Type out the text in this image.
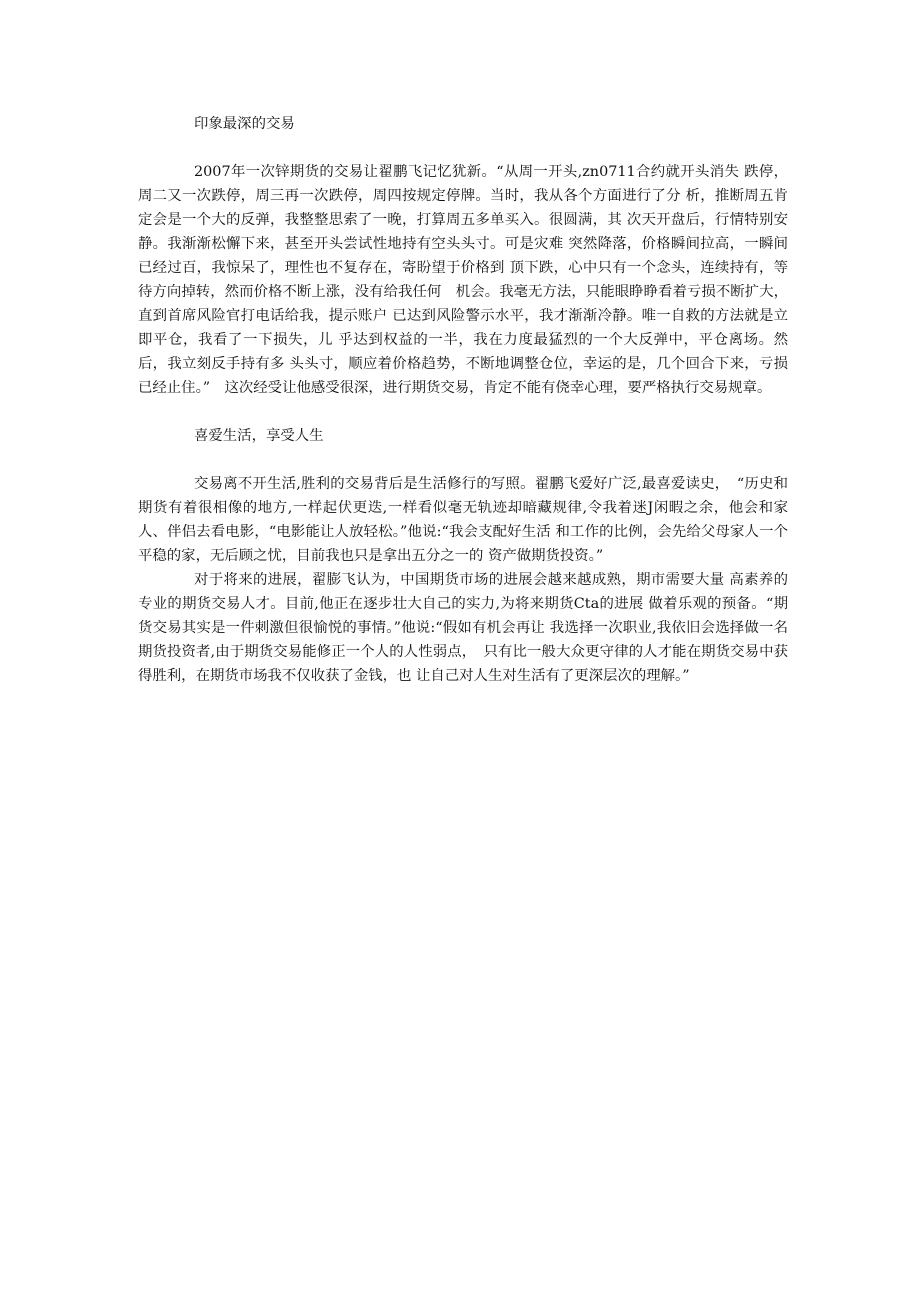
印象最深的交易

2007年一次锌期货的交易让翟鹏飞记忆犹新。“从周一开头,zn0711合约就开头消失 跌停，周二又一次跌停，周三再一次跌停，周四按规定停牌。当时，我从各个方面进行了分 析，推断周五肯定会是一个大的反弹，我整整思索了一晚，打算周五多单买入。很圆满，其 次天开盘后，行情特别安静。我渐渐松懈下来，甚至开头尝试性地持有空头头寸。可是灾难 突然降落，价格瞬间拉高，一瞬间已经过百，我惊呆了，理性也不复存在，寄盼望于价格到 顶下跌，心中只有一个念头，连续持有，等待方向掉转，然而价格不断上涨，没有给我任何　机会。我毫无方法，只能眼睁睁看着亏损不断扩大，直到首席风险官打电话给我，提示账户 已达到风险警示水平，我才渐渐冷静。唯一自救的方法就是立即平仓，我看了一下损失，儿 乎达到权益的一半，我在力度最猛烈的一个大反弹中，平仓离场。然后，我立刻反手持有多 头头寸，顺应着价格趋势，不断地调整仓位，幸运的是，几个回合下来，亏损已经止住。”　这次经受让他感受很深，进行期货交易，肯定不能有侥幸心理，要严格执行交易规章。

喜爱生活，享受人生

交易离不开生活,胜利的交易背后是生活修行的写照。翟鹏飞爱好广泛,最喜爱读史，　“历史和期货有着很相像的地方,一样起伏更迭,一样看似毫无轨迹却暗藏规律,令我着迷J闲暇之余，他会和家人、伴侣去看电影，“电影能让人放轻松。”他说:“我会支配好生活 和工作的比例，会先给父母家人一个平稳的家，无后顾之忧，目前我也只是拿出五分之一的 资产做期货投资。”

对于将来的进展，翟膨飞认为，中国期货市场的进展会越来越成熟，期市需要大量 高素养的专业的期货交易人才。目前,他正在逐步壮大自己的实力,为将来期货Cta的进展 做着乐观的预备。“期货交易其实是一件刺激但很愉悦的事情。”他说:“假如有机会再让 我选择一次职业,我依旧会选择做一名期货投资者,由于期货交易能修正一个人的人性弱点，　只有比一般大众更守律的人才能在期货交易中获得胜利，在期货市场我不仅收获了金钱，也 让自己对人生对生活有了更深层次的理解。”
